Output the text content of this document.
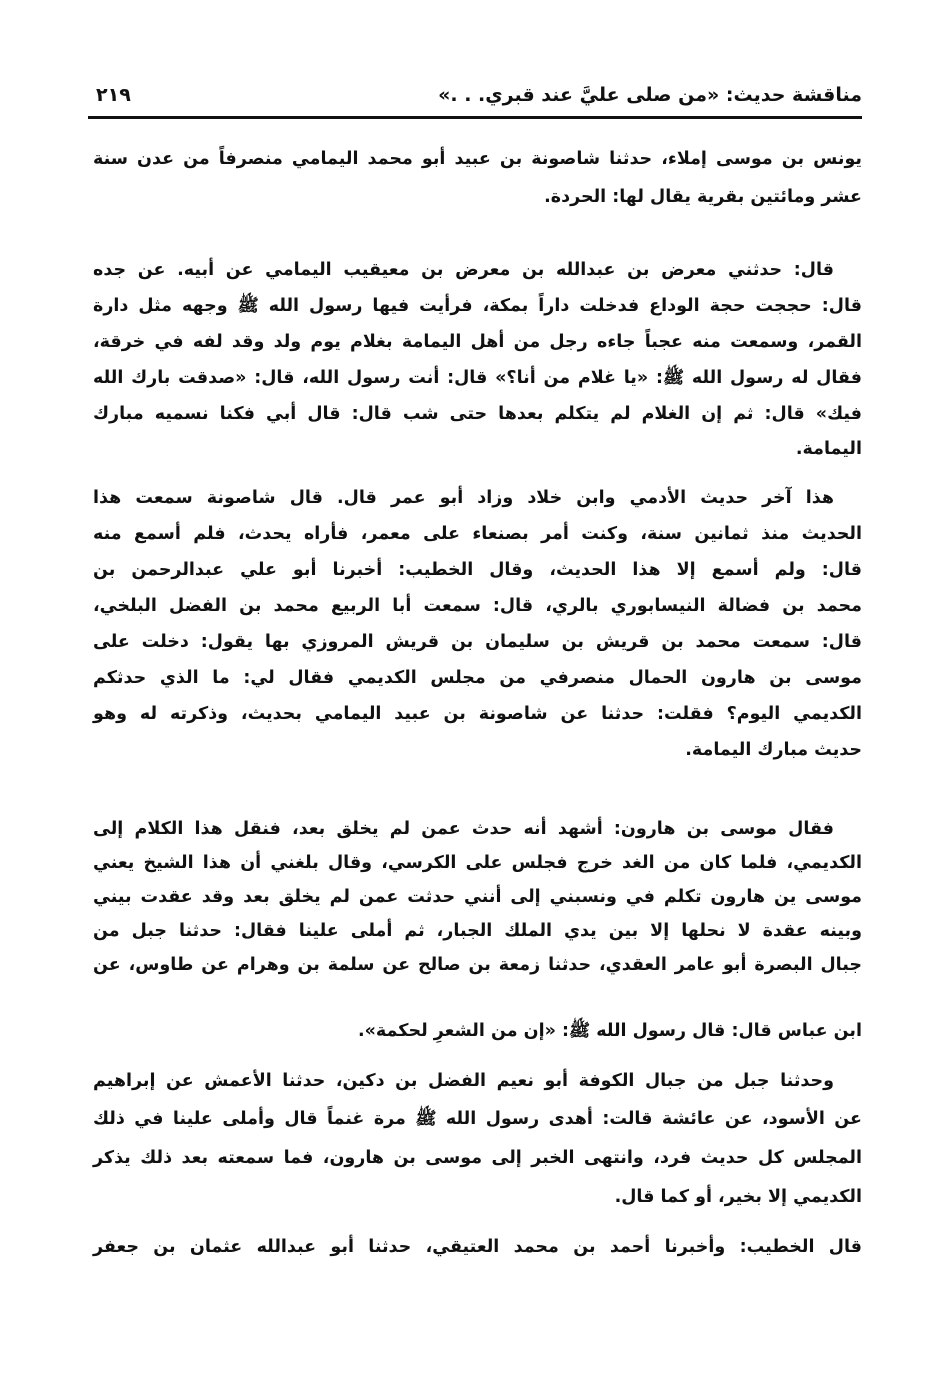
مناقشة حديث: «من صلى عليَّ عند قبري. . .»
٢١٩
يونس بن موسى إملاء، حدثنا شاصونة بن عبيد أبو محمد اليمامي منصرفاً من عدن سنة
عشر ومائتين بقرية يقال لها: الحردة.
قال: حدثني معرض بن عبدالله بن معرض بن معيقيب اليمامي عن أبيه. عن جده
قال: حججت حجة الوداع فدخلت داراً بمكة، فرأيت فيها رسول الله ﷺ وجهه مثل دارة
القمر، وسمعت منه عجباً جاءه رجل من أهل اليمامة بغلام يوم ولد وقد لفه في خرقة،
فقال له رسول الله ﷺ: «يا غلام من أنا؟» قال: أنت رسول الله، قال: «صدقت بارك الله
فيك» قال: ثم إن الغلام لم يتكلم بعدها حتى شب قال: قال أبي فكنا نسميه مبارك
اليمامة.
هذا آخر حديث الأدمي وابن خلاد وزاد أبو عمر قال. قال شاصونة سمعت هذا
الحديث منذ ثمانين سنة، وكنت أمر بصنعاء على معمر، فأراه يحدث، فلم أسمع منه
قال: ولم أسمع إلا هذا الحديث، وقال الخطيب: أخبرنا أبو علي عبدالرحمن بن
محمد بن فضالة النيسابوري بالري، قال: سمعت أبا الربيع محمد بن الفضل البلخي،
قال: سمعت محمد بن قريش بن سليمان بن قريش المروزي بها يقول: دخلت على
موسى بن هارون الحمال منصرفي من مجلس الكديمي فقال لي: ما الذي حدثكم
الكديمي اليوم؟ فقلت: حدثنا عن شاصونة بن عبيد اليمامي بحديث، وذكرته له وهو
حديث مبارك اليمامة.
فقال موسى بن هارون: أشهد أنه حدث عمن لم يخلق بعد، فنقل هذا الكلام إلى
الكديمي، فلما كان من الغد خرج فجلس على الكرسي، وقال بلغني أن هذا الشيخ يعني
موسى ين هارون تكلم في ونسبني إلى أنني حدثت عمن لم يخلق بعد وقد عقدت بيني
وبينه عقدة لا نحلها إلا بين يدي الملك الجبار، ثم أملى علينا فقال: حدثنا جبل من
جبال البصرة أبو عامر العقدي، حدثنا زمعة بن صالح عن سلمة بن وهرام عن طاوس، عن
ابن عباس قال: قال رسول الله ﷺ: «إن من الشعرِ لحكمة».
وحدثنا جبل من جبال الكوفة أبو نعيم الفضل بن دكين، حدثنا الأعمش عن إبراهيم
عن الأسود، عن عائشة قالت: أهدى رسول الله ﷺ مرة غنماً قال وأملى علينا في ذلك
المجلس كل حديث فرد، وانتهى الخبر إلى موسى بن هارون، فما سمعته بعد ذلك يذكر
الكديمي إلا بخير، أو كما قال.
قال الخطيب: وأخبرنا أحمد بن محمد العتيقي، حدثنا أبو عبدالله عثمان بن جعفر
